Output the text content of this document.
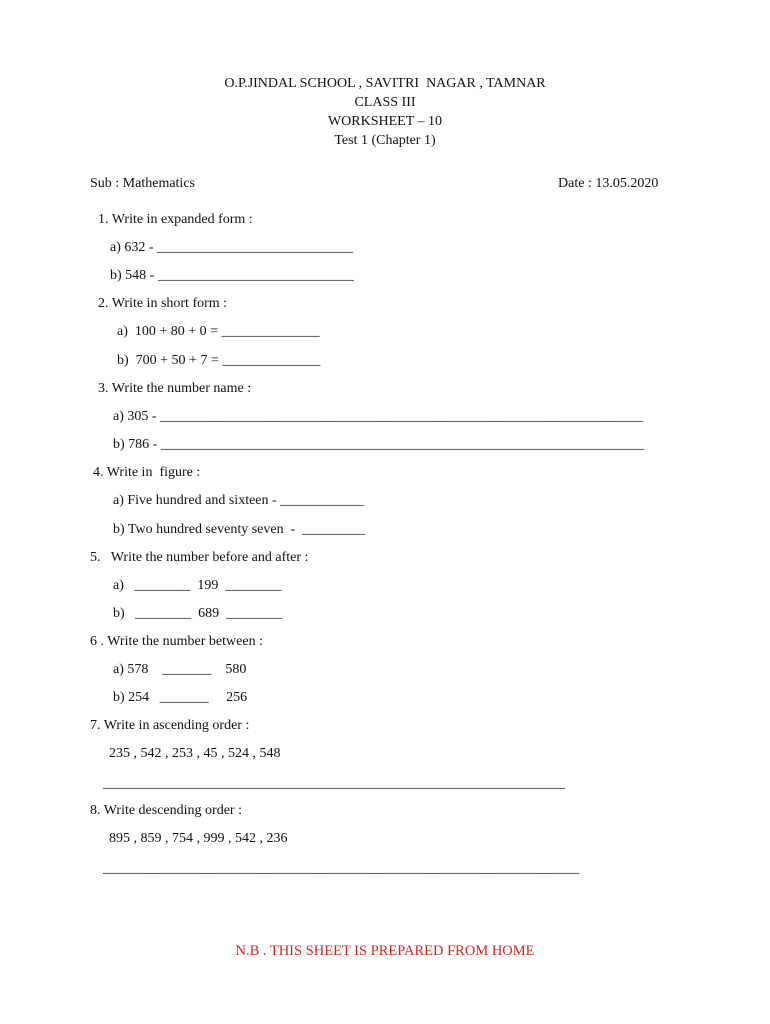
O.P.JINDAL SCHOOL , SAVITRI  NAGAR , TAMNAR
CLASS III
WORKSHEET – 10
Test 1 (Chapter 1)
Sub : Mathematics	Date : 13.05.2020
1. Write in expanded form :
a) 632 - ____________________________
b) 548 - ____________________________
2. Write in short form :
a)  100 + 80 + 0 = ______________
b)  700 + 50 + 7 = ______________
3. Write the number name :
a) 305 - _____________________________________________________________________
b) 786 - _____________________________________________________________________
4. Write in  figure :
a) Five hundred and sixteen - ____________
b) Two hundred seventy seven  -  _________
5.   Write the number before and after :
a)   ________  199  ________
b)   ________  689  ________
6 . Write the number between :
a) 578    _______    580
b) 254   _______     256
7. Write in ascending order :
235 , 542 , 253 , 45 , 524 , 548
__________________________________________________________________
8. Write descending order :
895 , 859 , 754 , 999 , 542 , 236
____________________________________________________________________
N.B . THIS SHEET IS PREPARED FROM HOME
